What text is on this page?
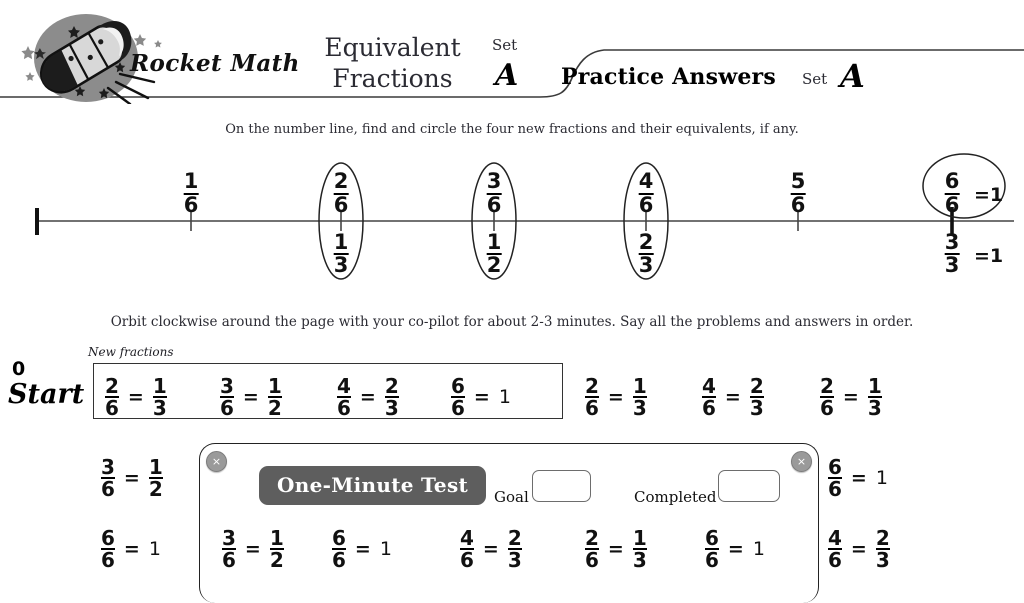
Rocket Math
Equivalent
Fractions
Set
A Practice Answers Set A
On the number line, find and circle the four new fractions and their equivalents, if any.
0
$\frac{1}{6}$	$\frac{2}{6}$	$\frac{3}{6}$	$\frac{4}{6}$	$\frac{5}{6}$	$\frac{6}{6} =1$
$\frac{1}{3}$	$\frac{1}{2}$	$\frac{2}{3}$	$\frac{3}{3} =1$
Orbit clockwise around the page with your co-pilot for about 2-3 minutes. Say all the problems and answers in order.
New fractions
Start $\frac{2}{6} = \frac{1}{3}$	$\frac{3}{6} = \frac{1}{2}$	$\frac{4}{6} = \frac{2}{3}$	$\frac{6}{6} = 1$	$\frac{2}{6} = \frac{1}{3}$	$\frac{4}{6} = \frac{2}{3}$	$\frac{2}{6} = \frac{1}{3}$
$\frac{3}{6} = \frac{1}{2}$
$\frac{6}{6} = 1$
$\frac{6}{6} = 1$
$\frac{4}{6} = \frac{2}{3}$
×	×
One-Minute Test	Goal	Completed
$\frac{3}{6} = \frac{1}{2} \frac{6}{6} = 1$	$\frac{4}{6} = \frac{2}{3}$	$\frac{2}{6} = \frac{1}{3}$	$\frac{6}{6} = 1$
